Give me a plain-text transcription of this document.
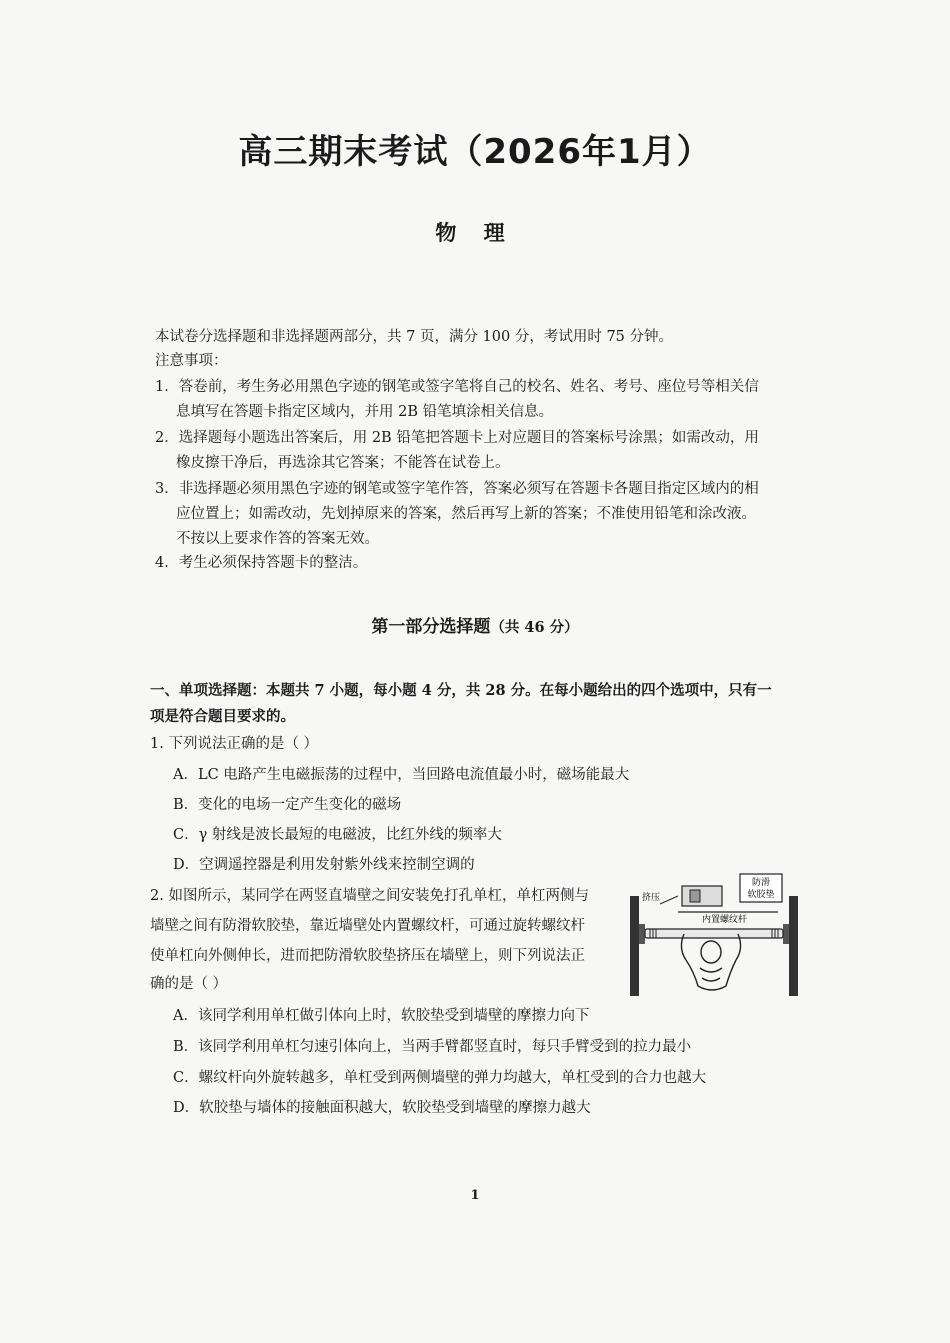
高三期末考试（2026年1月）
物 理
本试卷分选择题和非选择题两部分，共 7 页，满分 100 分，考试用时 75 分钟。
注意事项：
1．答卷前，考生务必用黑色字迹的钢笔或签字笔将自己的校名、姓名、考号、座位号等相关信
息填写在答题卡指定区域内，并用 2B 铅笔填涂相关信息。
2．选择题每小题选出答案后，用 2B 铅笔把答题卡上对应题目的答案标号涂黑；如需改动，用
橡皮擦干净后，再选涂其它答案；不能答在试卷上。
3．非选择题必须用黑色字迹的钢笔或签字笔作答，答案必须写在答题卡各题目指定区域内的相
应位置上；如需改动，先划掉原来的答案，然后再写上新的答案；不准使用铅笔和涂改液。
不按以上要求作答的答案无效。
4．考生必须保持答题卡的整洁。
第一部分选择题（共 46 分）
一、单项选择题：本题共 7 小题，每小题 4 分，共 28 分。在每小题给出的四个选项中，只有一
项是符合题目要求的。
1. 下列说法正确的是（ ）
A．LC 电路产生电磁振荡的过程中，当回路电流值最小时，磁场能最大
B．变化的电场一定产生变化的磁场
C．γ 射线是波长最短的电磁波，比红外线的频率大
D．空调遥控器是利用发射紫外线来控制空调的
2. 如图所示，某同学在两竖直墙壁之间安装免打孔单杠，单杠两侧与
墙壁之间有防滑软胶垫，靠近墙壁处内置螺纹杆，可通过旋转螺纹杆
使单杠向外侧伸长，进而把防滑软胶垫挤压在墙壁上，则下列说法正
确的是（ ）
A．该同学利用单杠做引体向上时，软胶垫受到墙壁的摩擦力向下
B．该同学利用单杠匀速引体向上，当两手臂都竖直时，每只手臂受到的拉力最小
C．螺纹杆向外旋转越多，单杠受到两侧墙壁的弹力均越大，单杠受到的合力也越大
D．软胶垫与墙体的接触面积越大，软胶垫受到墙壁的摩擦力越大
防滑
软胶垫
挤压
内置螺纹杆
1
